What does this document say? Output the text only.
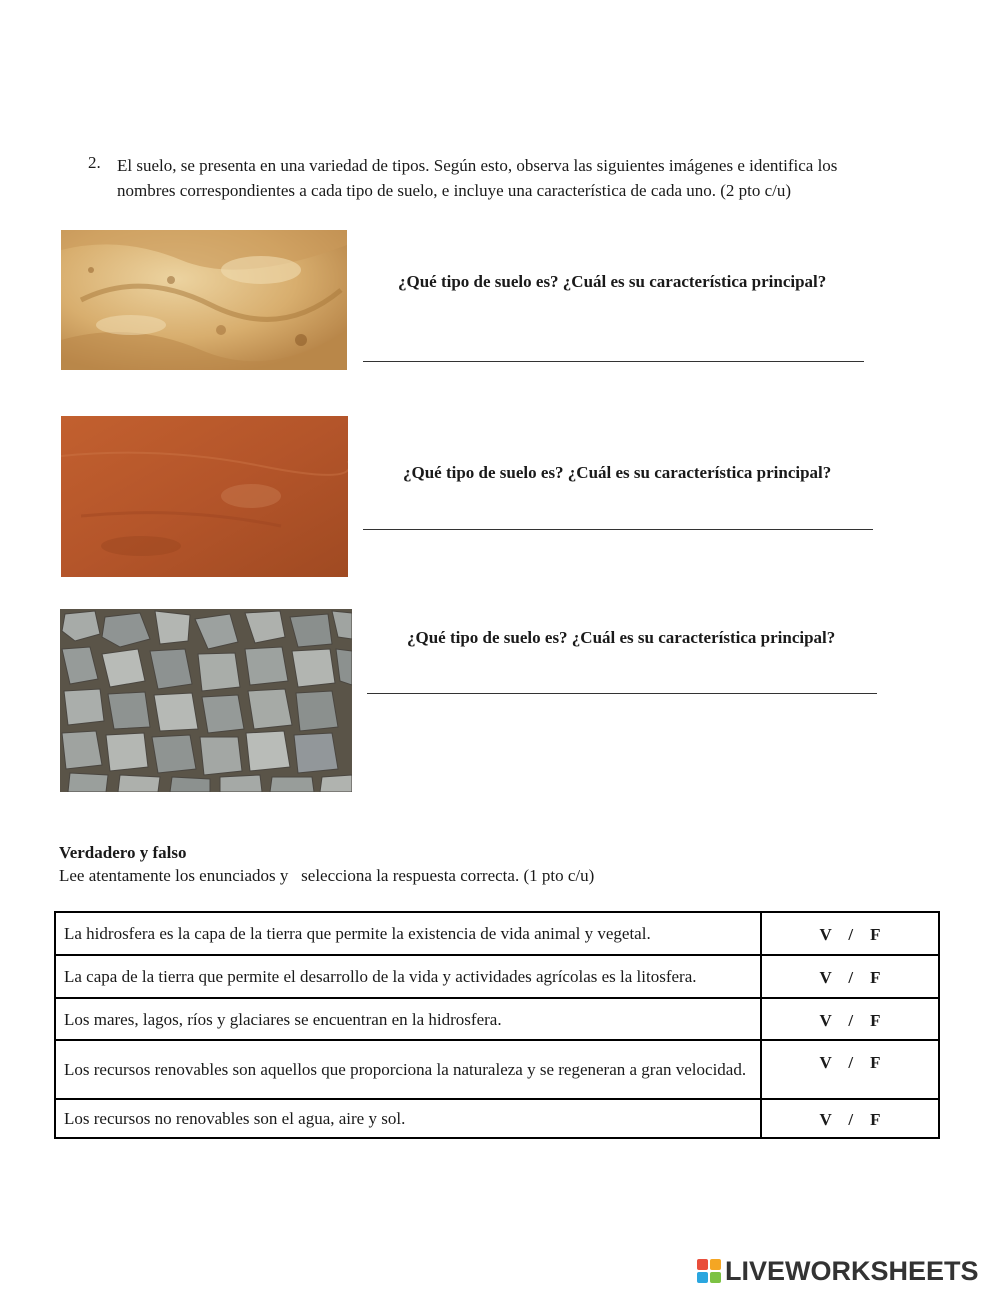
2. El suelo, se presenta en una variedad de tipos. Según esto, observa las siguientes imágenes e identifica los nombres correspondientes a cada tipo de suelo, e incluye una característica de cada uno. (2 pto c/u)
¿Qué tipo de suelo es? ¿Cuál es su característica principal?
¿Qué tipo de suelo es? ¿Cuál es su característica principal?
¿Qué tipo de suelo es? ¿Cuál es su característica principal?
Verdadero y falso
Lee atentamente los enunciados y   selecciona la respuesta correcta. (1 pto c/u)
La hidrosfera es la capa de la tierra que permite la existencia de vida animal y vegetal.	V    /    F
La capa de la tierra que permite el desarrollo de la vida y actividades agrícolas es la litosfera.	V    /    F
Los mares, lagos, ríos y glaciares se encuentran en la hidrosfera.	V    /    F
Los recursos renovables son aquellos que proporciona la naturaleza y se regeneran a gran velocidad.	V    /    F
Los recursos no renovables son el agua, aire y sol.	V    /    F
LIVEWORKSHEETS
